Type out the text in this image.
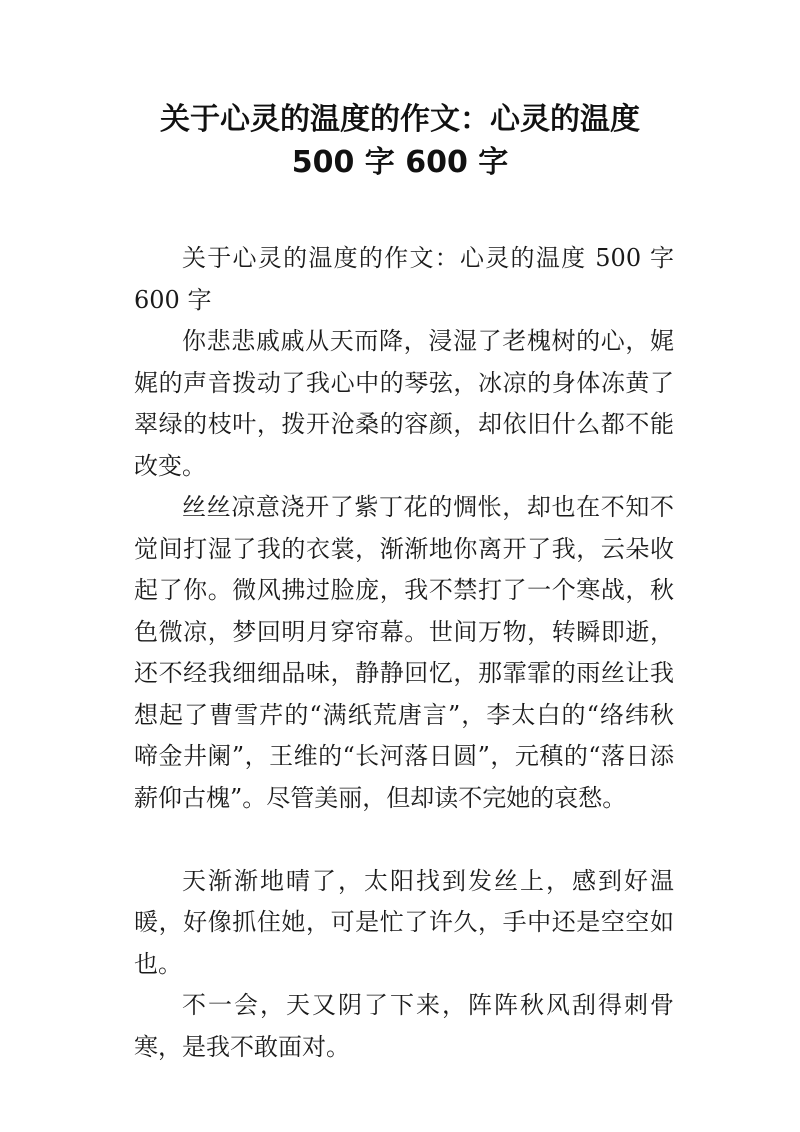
关于心灵的温度的作文：心灵的温度
500 字 600 字

关于心灵的温度的作文：心灵的温度 500 字 600 字

你悲悲戚戚从天而降，浸湿了老槐树的心，娓娓的声音拨动了我心中的琴弦，冰凉的身体冻黄了翠绿的枝叶，拨开沧桑的容颜，却依旧什么都不能改变。

丝丝凉意浇开了紫丁花的惆怅，却也在不知不觉间打湿了我的衣裳，渐渐地你离开了我，云朵收起了你。微风拂过脸庞，我不禁打了一个寒战，秋色微凉，梦回明月穿帘幕。世间万物，转瞬即逝，还不经我细细品味，静静回忆，那霏霏的雨丝让我想起了曹雪芹的“满纸荒唐言”，李太白的“络纬秋啼金井阑”，王维的“长河落日圆”，元稹的“落日添薪仰古槐”。尽管美丽，但却读不完她的哀愁。

天渐渐地晴了，太阳找到发丝上，感到好温暖，好像抓住她，可是忙了许久，手中还是空空如也。

不一会，天又阴了下来，阵阵秋风刮得刺骨寒，是我不敢面对。
